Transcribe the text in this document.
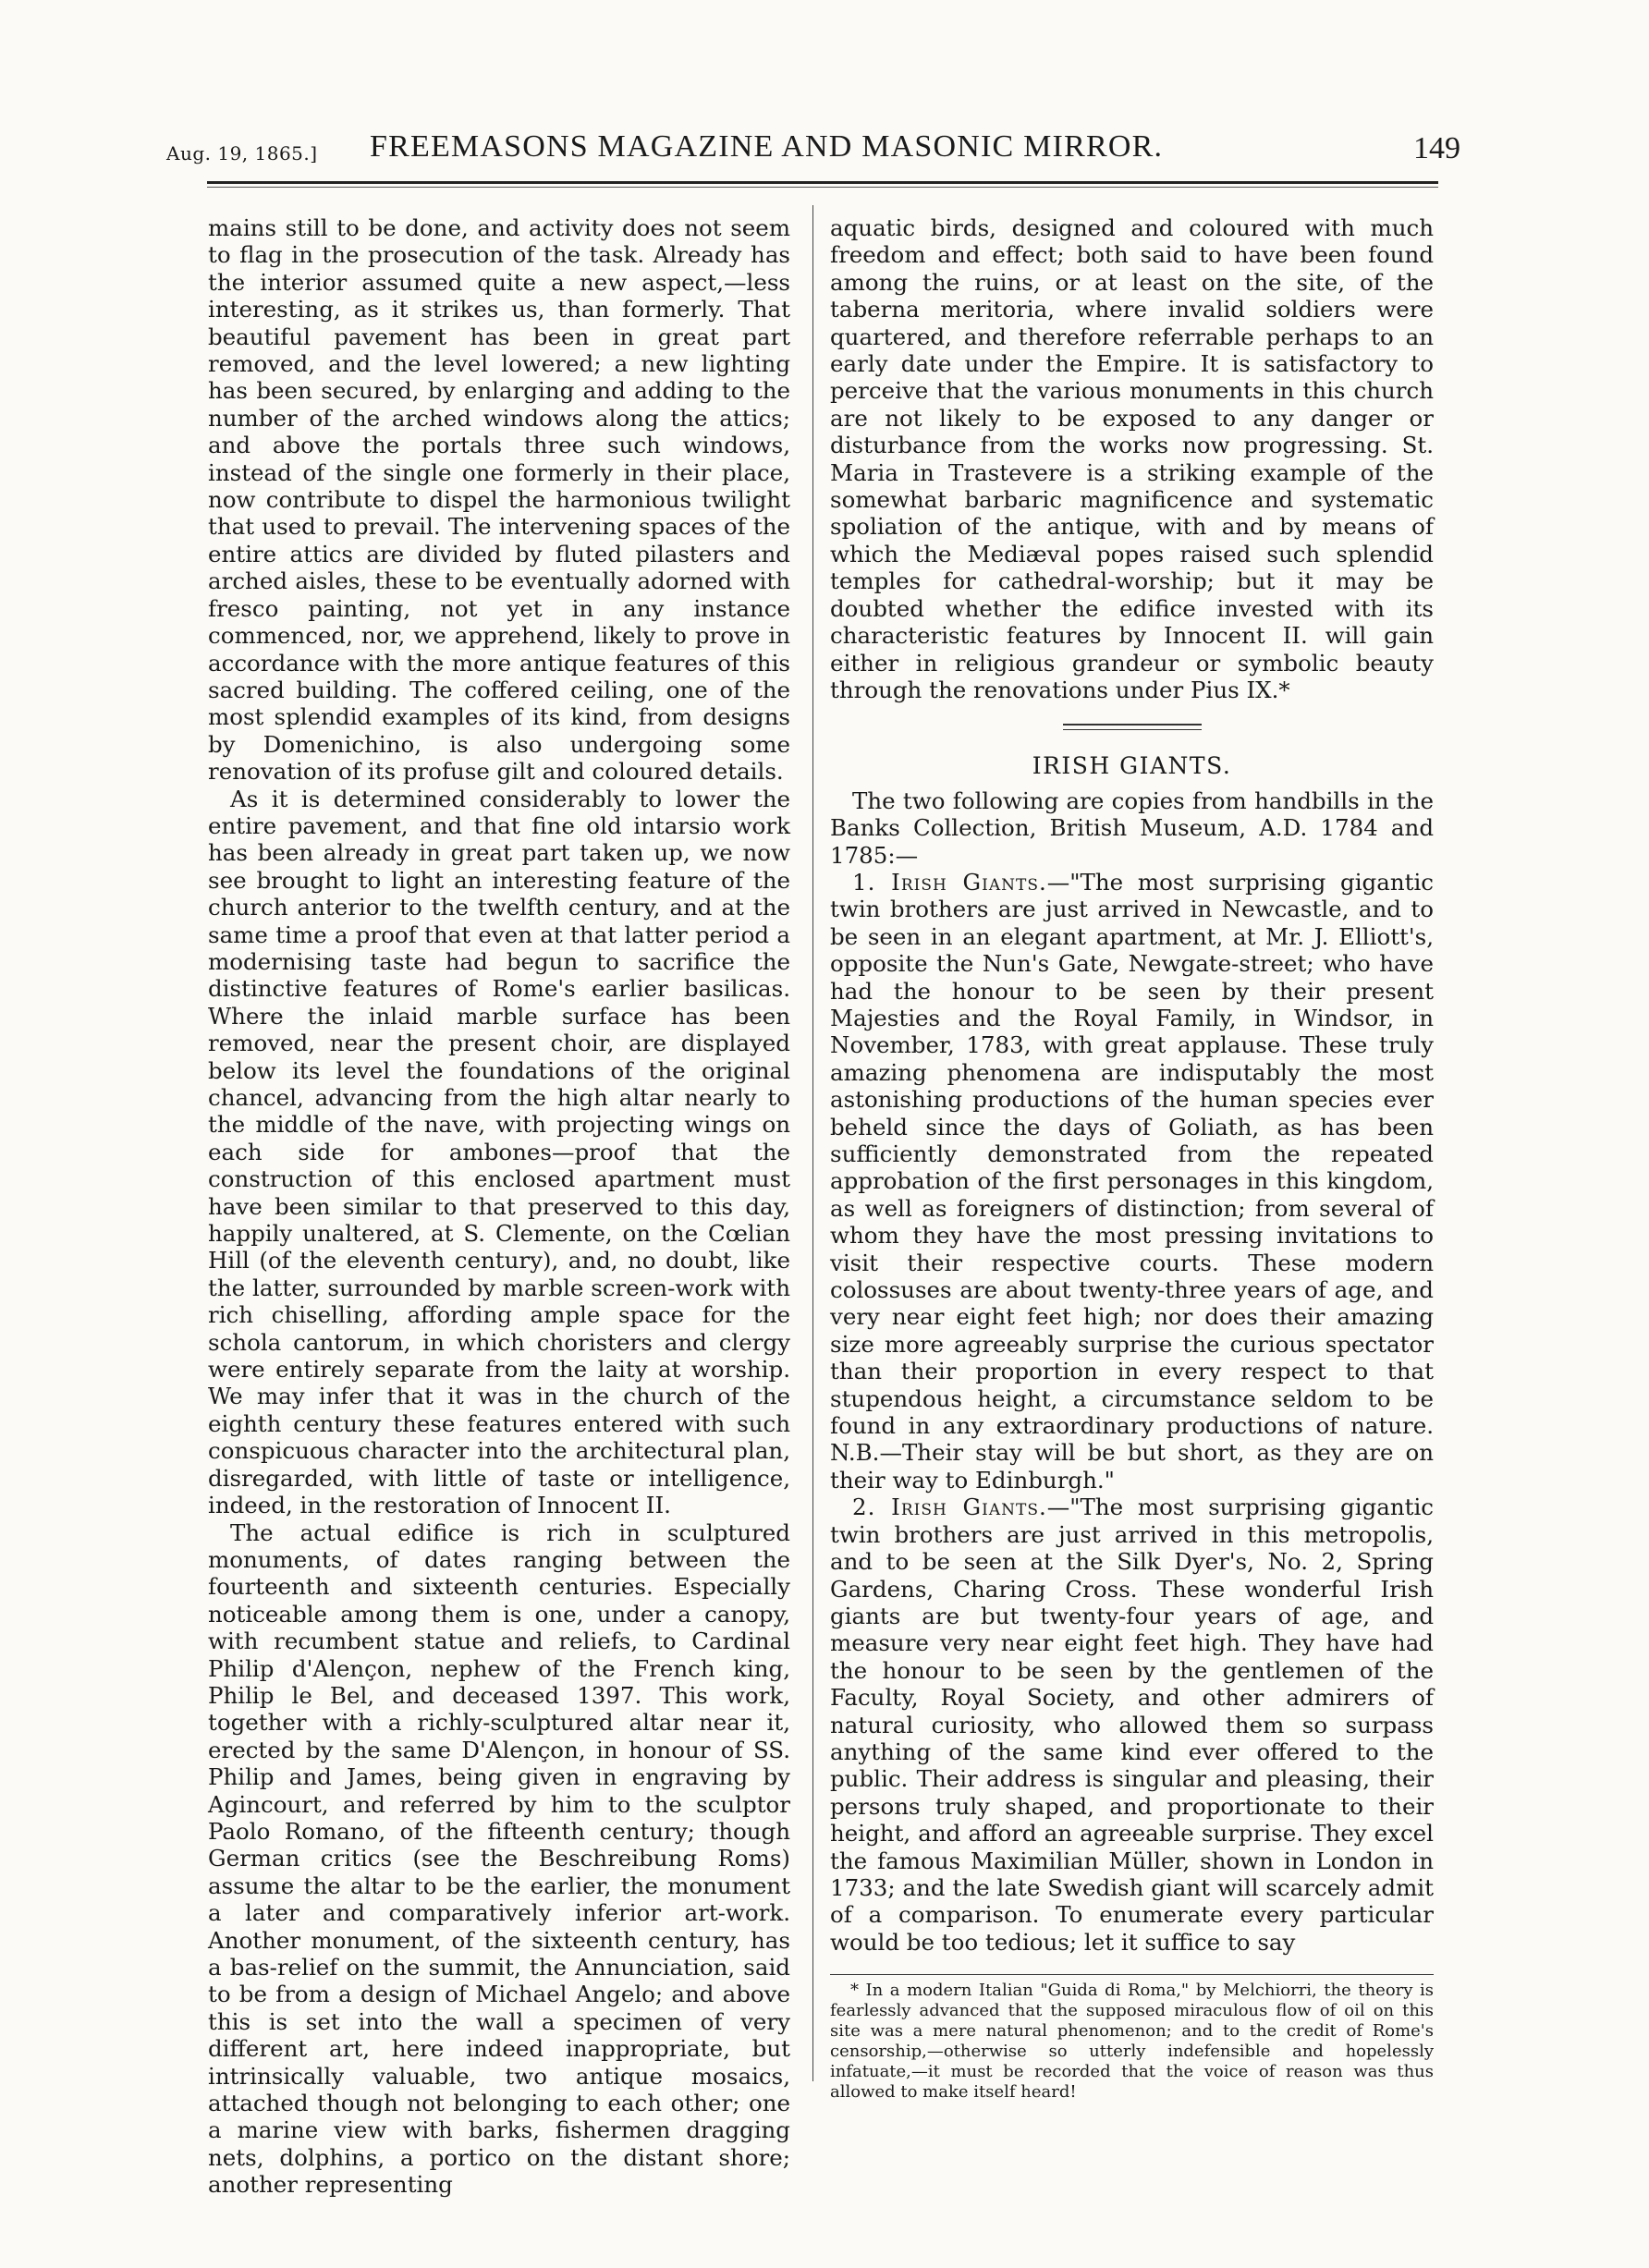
Aug. 19, 1865.] FREEMASONS MAGAZINE AND MASONIC MIRROR.	149

mains still to be done, and activity does not seem to flag in the prosecution of the task. Already has the interior assumed quite a new aspect,—less interesting, as it strikes us, than formerly. That beautiful pavement has been in great part removed, and the level lowered; a new lighting has been secured, by enlarging and adding to the number of the arched windows along the attics; and above the portals three such windows, instead of the single one formerly in their place, now contribute to dispel the harmonious twilight that used to prevail. The intervening spaces of the entire attics are divided by fluted pilasters and arched aisles, these to be eventually adorned with fresco painting, not yet in any instance commenced, nor, we apprehend, likely to prove in accordance with the more antique features of this sacred building. The coffered ceiling, one of the most splendid examples of its kind, from designs by Domenichino, is also undergoing some renovation of its profuse gilt and coloured details.

As it is determined considerably to lower the entire pavement, and that fine old intarsio work has been already in great part taken up, we now see brought to light an interesting feature of the church anterior to the twelfth century, and at the same time a proof that even at that latter period a modernising taste had begun to sacrifice the distinctive features of Rome's earlier basilicas. Where the inlaid marble surface has been removed, near the present choir, are displayed below its level the foundations of the original chancel, advancing from the high altar nearly to the middle of the nave, with projecting wings on each side for ambones—proof that the construction of this enclosed apartment must have been similar to that preserved to this day, happily unaltered, at S. Clemente, on the Cœlian Hill (of the eleventh century), and, no doubt, like the latter, surrounded by marble screen-work with rich chiselling, affording ample space for the schola cantorum, in which choristers and clergy were entirely separate from the laity at worship. We may infer that it was in the church of the eighth century these features entered with such conspicuous character into the architectural plan, disregarded, with little of taste or intelligence, indeed, in the restoration of Innocent II.

The actual edifice is rich in sculptured monuments, of dates ranging between the fourteenth and sixteenth centuries. Especially noticeable among them is one, under a canopy, with recumbent statue and reliefs, to Cardinal Philip d'Alençon, nephew of the French king, Philip le Bel, and deceased 1397. This work, together with a richly-sculptured altar near it, erected by the same D'Alençon, in honour of SS. Philip and James, being given in engraving by Agincourt, and referred by him to the sculptor Paolo Romano, of the fifteenth century; though German critics (see the Beschreibung Roms) assume the altar to be the earlier, the monument a later and comparatively inferior art-work. Another monument, of the sixteenth century, has a bas-relief on the summit, the Annunciation, said to be from a design of Michael Angelo; and above this is set into the wall a specimen of very different art, here indeed inappropriate, but intrinsically valuable, two antique mosaics, attached though not belonging to each other; one a marine view with barks, fishermen dragging nets, dolphins, a portico on the distant shore; another representing

aquatic birds, designed and coloured with much freedom and effect; both said to have been found among the ruins, or at least on the site, of the taberna meritoria, where invalid soldiers were quartered, and therefore referrable perhaps to an early date under the Empire. It is satisfactory to perceive that the various monuments in this church are not likely to be exposed to any danger or disturbance from the works now progressing. St. Maria in Trastevere is a striking example of the somewhat barbaric magnificence and systematic spoliation of the antique, with and by means of which the Mediæval popes raised such splendid temples for cathedral-worship; but it may be doubted whether the edifice invested with its characteristic features by Innocent II. will gain either in religious grandeur or symbolic beauty through the renovations under Pius IX.*

IRISH GIANTS.

The two following are copies from handbills in the Banks Collection, British Museum, A.D. 1784 and 1785:—

1. Irish Giants.—"The most surprising gigantic twin brothers are just arrived in Newcastle, and to be seen in an elegant apartment, at Mr. J. Elliott's, opposite the Nun's Gate, Newgate-street; who have had the honour to be seen by their present Majesties and the Royal Family, in Windsor, in November, 1783, with great applause. These truly amazing phenomena are indisputably the most astonishing productions of the human species ever beheld since the days of Goliath, as has been sufficiently demonstrated from the repeated approbation of the first personages in this kingdom, as well as foreigners of distinction; from several of whom they have the most pressing invitations to visit their respective courts. These modern colossuses are about twenty-three years of age, and very near eight feet high; nor does their amazing size more agreeably surprise the curious spectator than their proportion in every respect to that stupendous height, a circumstance seldom to be found in any extraordinary productions of nature. N.B.—Their stay will be but short, as they are on their way to Edinburgh."

2. Irish Giants.—"The most surprising gigantic twin brothers are just arrived in this metropolis, and to be seen at the Silk Dyer's, No. 2, Spring Gardens, Charing Cross. These wonderful Irish giants are but twenty-four years of age, and measure very near eight feet high. They have had the honour to be seen by the gentlemen of the Faculty, Royal Society, and other admirers of natural curiosity, who allowed them so surpass anything of the same kind ever offered to the public. Their address is singular and pleasing, their persons truly shaped, and proportionate to their height, and afford an agreeable surprise. They excel the famous Maximilian Müller, shown in London in 1733; and the late Swedish giant will scarcely admit of a comparison. To enumerate every particular would be too tedious; let it suffice to say

* In a modern Italian "Guida di Roma," by Melchiorri, the theory is fearlessly advanced that the supposed miraculous flow of oil on this site was a mere natural phenomenon; and to the credit of Rome's censorship,—otherwise so utterly indefensible and hopelessly infatuate,—it must be recorded that the voice of reason was thus allowed to make itself heard!
